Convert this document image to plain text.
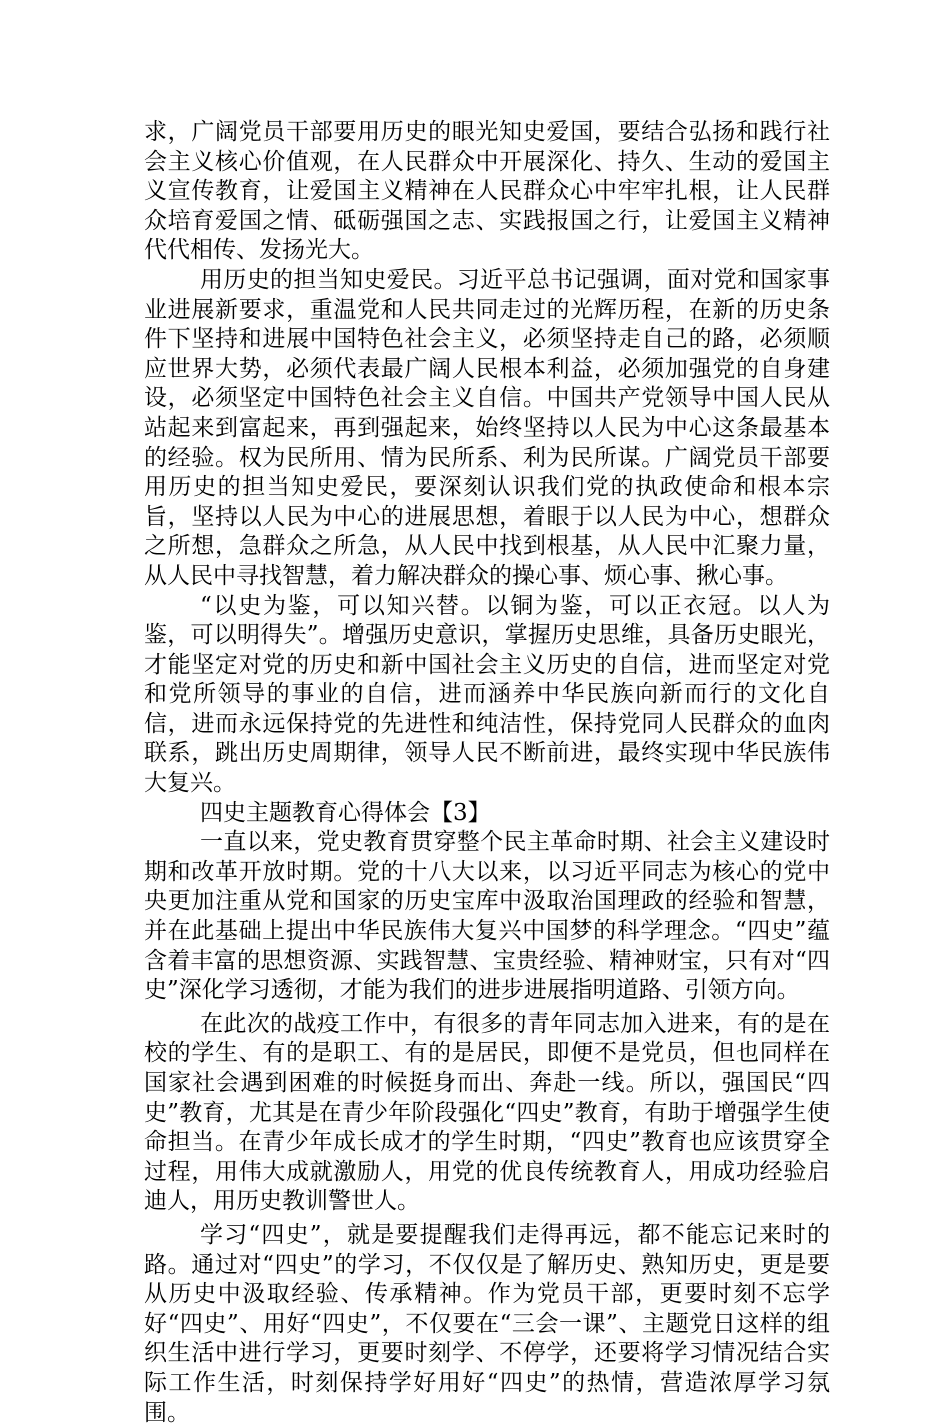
求，广阔党员干部要用历史的眼光知史爱国，要结合弘扬和践行社会主义核心价值观，在人民群众中开展深化、持久、生动的爱国主义宣传教育，让爱国主义精神在人民群众心中牢牢扎根，让人民群众培育爱国之情、砥砺强国之志、实践报国之行，让爱国主义精神代代相传、发扬光大。

用历史的担当知史爱民。习近平总书记强调，面对党和国家事业进展新要求，重温党和人民共同走过的光辉历程，在新的历史条件下坚持和进展中国特色社会主义，必须坚持走自己的路，必须顺应世界大势，必须代表最广阔人民根本利益，必须加强党的自身建设，必须坚定中国特色社会主义自信。中国共产党领导中国人民从站起来到富起来，再到强起来，始终坚持以人民为中心这条最基本的经验。权为民所用、情为民所系、利为民所谋。广阔党员干部要用历史的担当知史爱民，要深刻认识我们党的执政使命和根本宗旨，坚持以人民为中心的进展思想，着眼于以人民为中心，想群众之所想，急群众之所急，从人民中找到根基，从人民中汇聚力量，从人民中寻找智慧，着力解决群众的操心事、烦心事、揪心事。

“以史为鉴，可以知兴替。以铜为鉴，可以正衣冠。以人为鉴，可以明得失”。增强历史意识，掌握历史思维，具备历史眼光，才能坚定对党的历史和新中国社会主义历史的自信，进而坚定对党和党所领导的事业的自信，进而涵养中华民族向新而行的文化自信，进而永远保持党的先进性和纯洁性，保持党同人民群众的血肉联系，跳出历史周期律，领导人民不断前进，最终实现中华民族伟大复兴。

四史主题教育心得体会【3】

一直以来，党史教育贯穿整个民主革命时期、社会主义建设时期和改革开放时期。党的十八大以来，以习近平同志为核心的党中央更加注重从党和国家的历史宝库中汲取治国理政的经验和智慧，并在此基础上提出中华民族伟大复兴中国梦的科学理念。“四史”蕴含着丰富的思想资源、实践智慧、宝贵经验、精神财宝，只有对“四史”深化学习透彻，才能为我们的进步进展指明道路、引领方向。

在此次的战疫工作中，有很多的青年同志加入进来，有的是在校的学生、有的是职工、有的是居民，即便不是党员，但也同样在国家社会遇到困难的时候挺身而出、奔赴一线。所以，强国民“四史”教育，尤其是在青少年阶段强化“四史”教育，有助于增强学生使命担当。在青少年成长成才的学生时期，“四史”教育也应该贯穿全过程，用伟大成就激励人，用党的优良传统教育人，用成功经验启迪人，用历史教训警世人。

学习“四史”，就是要提醒我们走得再远，都不能忘记来时的路。通过对“四史”的学习，不仅仅是了解历史、熟知历史，更是要从历史中汲取经验、传承精神。作为党员干部，更要时刻不忘学好“四史”、用好“四史”，不仅要在“三会一课”、主题党日这样的组织生活中进行学习，更要时刻学、不停学，还要将学习情况结合实际工作生活，时刻保持学好用好“四史”的热情，营造浓厚学习氛围。
